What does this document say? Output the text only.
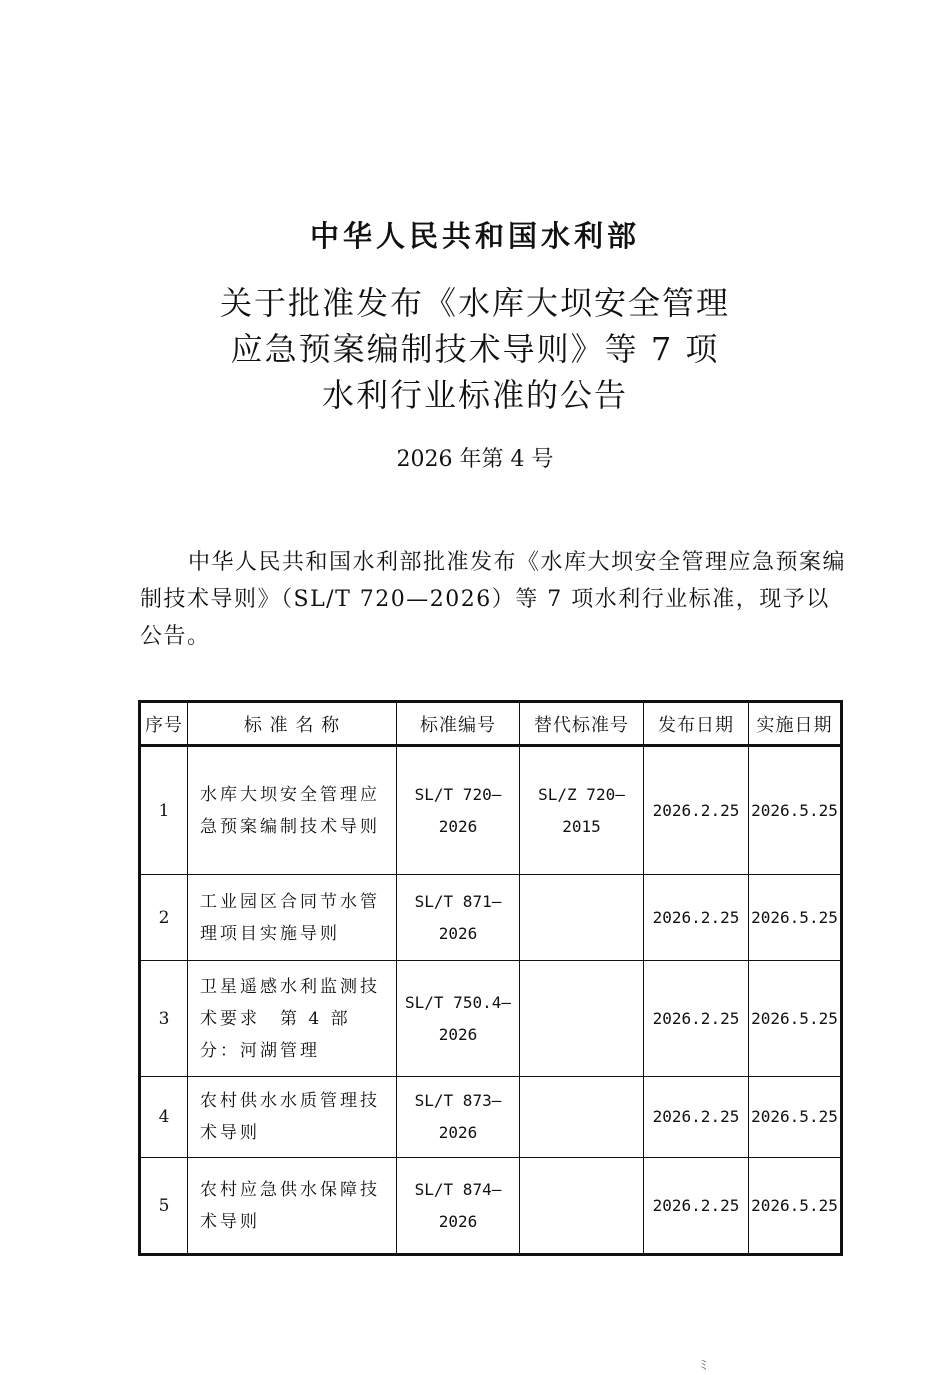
中华人民共和国水利部
关于批准发布《水库大坝安全管理
应急预案编制技术导则》等 7 项
水利行业标准的公告
2026 年第 4 号
中华人民共和国水利部批准发布《水库大坝安全管理应急预案编制技术导则》（SL/T 720—2026）等 7 项水利行业标准，现予以公告。
序号	标 准 名 称	标准编号	替代标准号	发布日期	实施日期
1	水库大坝安全管理应急预案编制技术导则	SL/T 720—2026	SL/Z 720—2015	2026.2.25	2026.5.25
2	工业园区合同节水管理项目实施导则	SL/T 871—2026		2026.2.25	2026.5.25
3	卫星遥感水利监测技术要求　第 4 部分：河湖管理	SL/T 750.4—2026		2026.2.25	2026.5.25
4	农村供水水质管理技术导则	SL/T 873—2026		2026.2.25	2026.5.25
5	农村应急供水保障技术导则	SL/T 874—2026		2026.2.25	2026.5.25
ﾐ
